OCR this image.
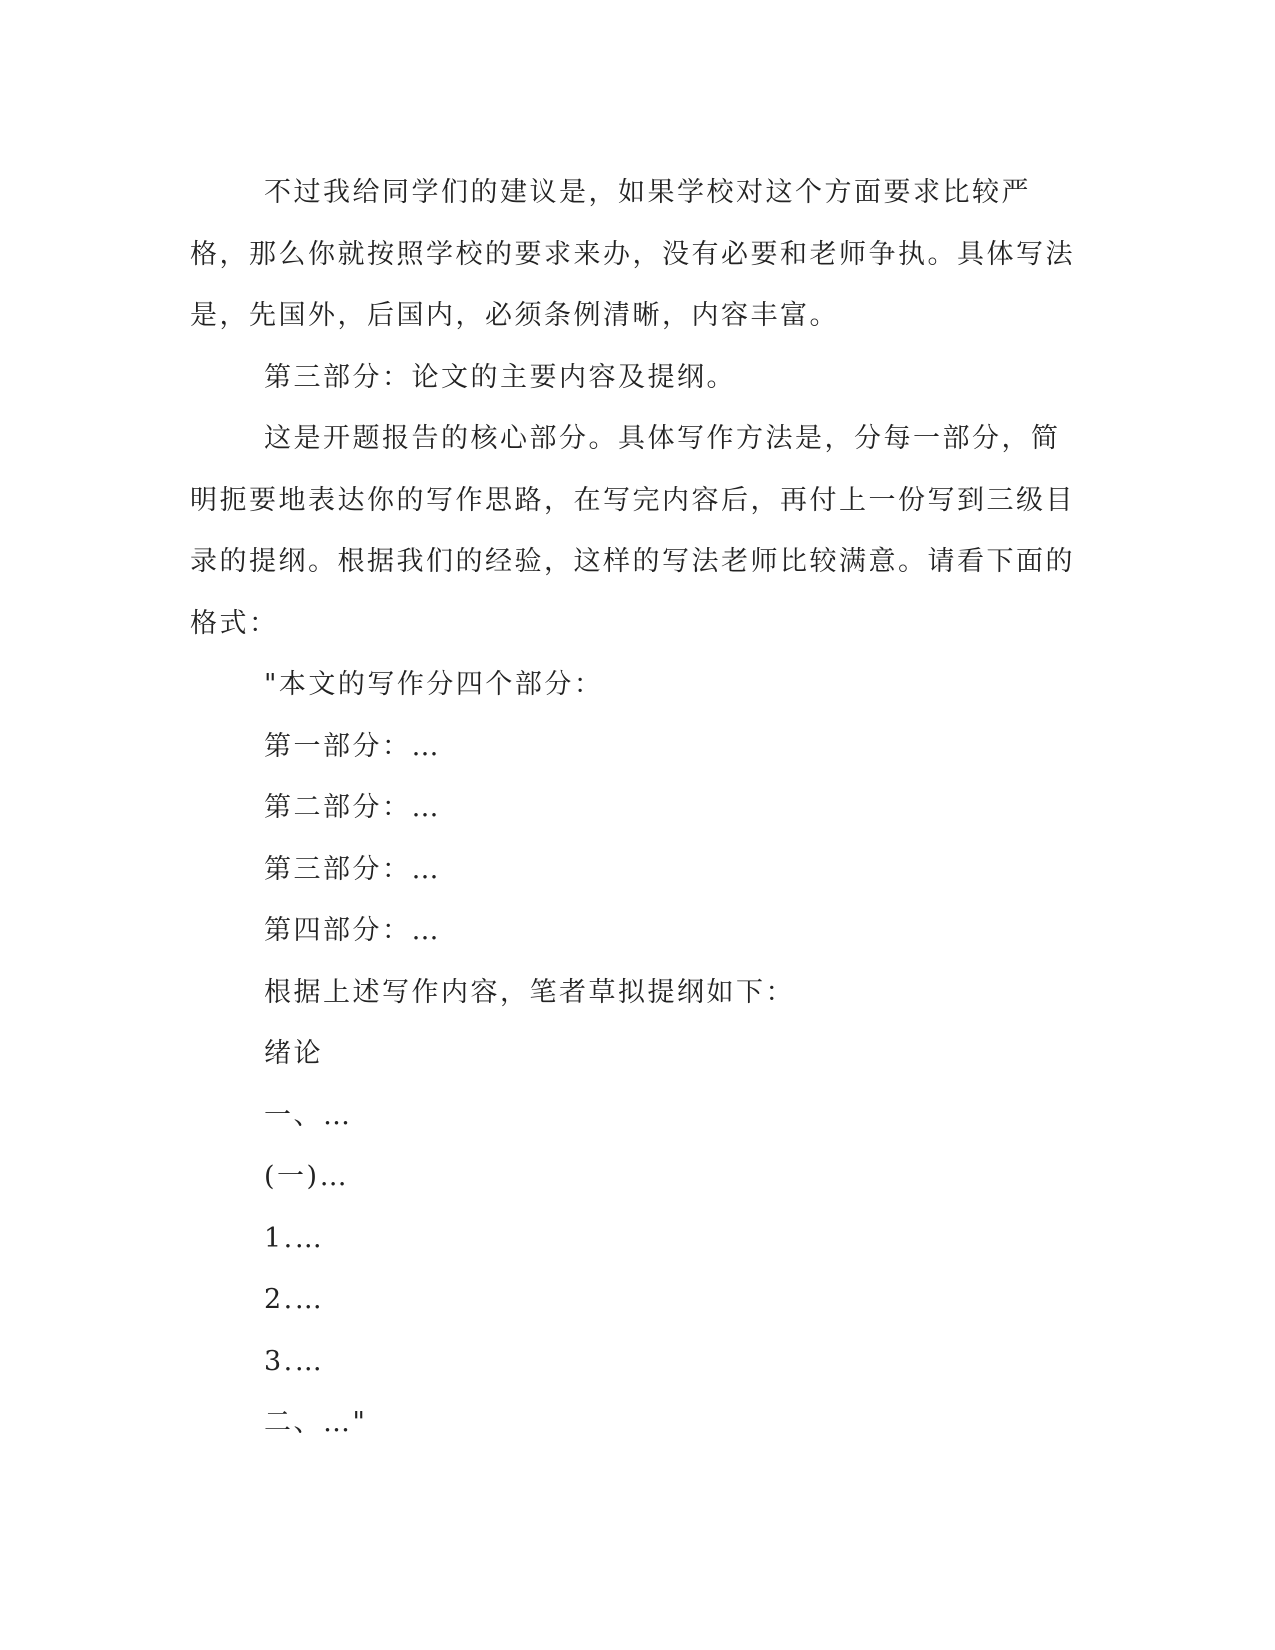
不过我给同学们的建议是，如果学校对这个方面要求比较严格，那么你就按照学校的要求来办，没有必要和老师争执。具体写法是，先国外，后国内，必须条例清晰，内容丰富。

第三部分：论文的主要内容及提纲。

这是开题报告的核心部分。具体写作方法是，分每一部分，简明扼要地表达你的写作思路，在写完内容后，再付上一份写到三级目录的提纲。根据我们的经验，这样的写法老师比较满意。请看下面的格式：

"本文的写作分四个部分：

第一部分：…

第二部分：…

第三部分：…

第四部分：…

根据上述写作内容，笔者草拟提纲如下：

绪论

一、…

(一)…

1.…

2.…

3.…

二、…"
